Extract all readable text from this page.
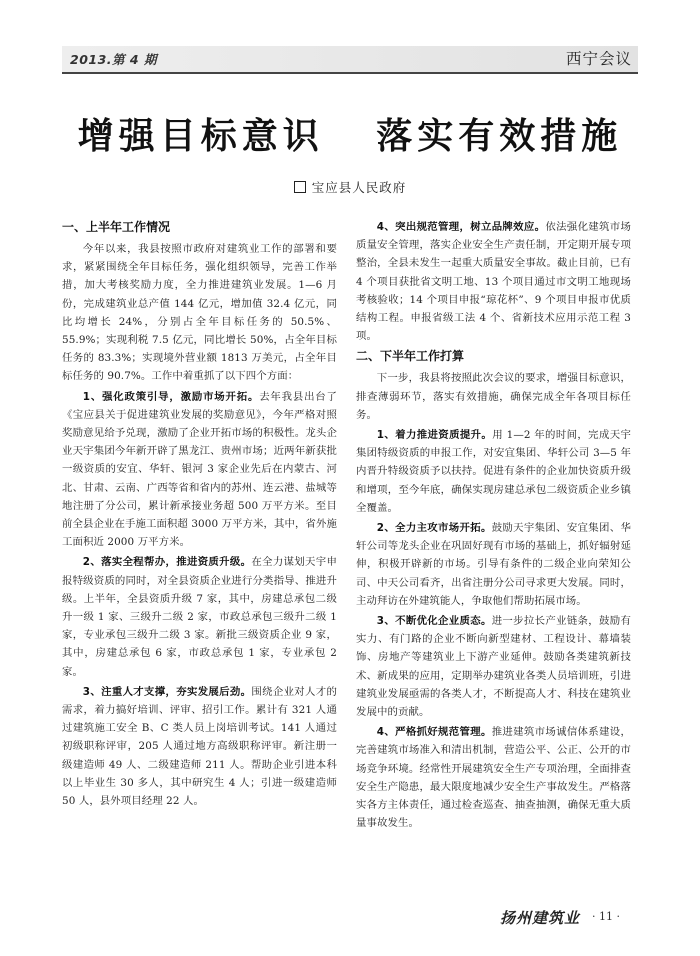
2013.第 4 期	西宁会议
增强目标意识   落实有效措施
宝应县人民政府
一、上半年工作情况

今年以来，我县按照市政府对建筑业工作的部署和要求，紧紧围绕全年目标任务，强化组织领导，完善工作举措，加大考核奖励力度，全力推进建筑业发展。1—6 月份，完成建筑业总产值 144 亿元，增加值 32.4 亿元，同比均增长 24%，分别占全年目标任务的 50.5%、55.9%；实现利税 7.5 亿元，同比增长 50%，占全年目标任务的 83.3%；实现境外营业额 1813 万美元，占全年目标任务的 90.7%。工作中着重抓了以下四个方面：

1、强化政策引导，激励市场开拓。去年我县出台了《宝应县关于促进建筑业发展的奖励意见》，今年严格对照奖励意见给予兑现，激励了企业开拓市场的积极性。龙头企业天宇集团今年新开辟了黑龙江、贵州市场；近两年新获批一级资质的安宜、华轩、银河 3 家企业先后在内蒙古、河北、甘肃、云南、广西等省和省内的苏州、连云港、盐城等地注册了分公司，累计新承接业务超 500 万平方米。至目前全县企业在手施工面积超 3000 万平方米，其中，省外施工面积近 2000 万平方米。

2、落实全程帮办，推进资质升级。在全力谋划天宇申报特级资质的同时，对全县资质企业进行分类指导、推进升级。上半年，全县资质升级 7 家，其中，房建总承包二级升一级 1 家、三级升二级 2 家，市政总承包三级升二级 1 家，专业承包三级升二级 3 家。新批三级资质企业 9 家，其中，房建总承包 6 家，市政总承包 1 家，专业承包 2 家。

3、注重人才支撑，夯实发展后劲。围绕企业对人才的需求，着力搞好培训、评审、招引工作。累计有 321 人通过建筑施工安全 B、C 类人员上岗培训考试。141 人通过初级职称评审，205 人通过地方高级职称评审。新注册一级建造师 49 人、二级建造师 211 人。帮助企业引进本科以上毕业生 30 多人，其中研究生 4 人；引进一级建造师 50 人，县外项目经理 22 人。

4、突出规范管理，树立品牌效应。依法强化建筑市场质量安全管理，落实企业安全生产责任制，开定期开展专项整治，全县未发生一起重大质量安全事故。截止目前，已有 4 个项目获批省文明工地、13 个项目通过市文明工地现场考核验收；14 个项目申报“琼花杯”、9 个项目申报市优质结构工程。申报省级工法 4 个、省新技术应用示范工程 3 项。

二、下半年工作打算

下一步，我县将按照此次会议的要求，增强目标意识，排查薄弱环节，落实有效措施，确保完成全年各项目标任务。

1、着力推进资质提升。用 1—2 年的时间，完成天宇集团特级资质的申报工作，对安宜集团、华轩公司 3—5 年内晋升特级资质予以扶持。促进有条件的企业加快资质升级和增项，至今年底，确保实现房建总承包二级资质企业乡镇全覆盖。

2、全力主攻市场开拓。鼓励天宇集团、安宜集团、华轩公司等龙头企业在巩固好现有市场的基础上，抓好辐射延伸，积极开辟新的市场。引导有条件的二级企业向荣知公司、中天公司看齐，出省注册分公司寻求更大发展。同时，主动拜访在外建筑能人，争取他们帮助拓展市场。

3、不断优化企业质态。进一步拉长产业链条，鼓励有实力、有门路的企业不断向新型建材、工程设计、幕墙装饰、房地产等建筑业上下游产业延伸。鼓励各类建筑新技术、新成果的应用，定期举办建筑业各类人员培训班，引进建筑业发展亟需的各类人才，不断提高人才、科技在建筑业发展中的贡献。

4、严格抓好规范管理。推进建筑市场诚信体系建设，完善建筑市场准入和清出机制，营造公平、公正、公开的市场竞争环境。经常性开展建筑安全生产专项治理，全面排查安全生产隐患，最大限度地减少安全生产事故发生。严格落实各方主体责任，通过检查巡查、抽查抽测，确保无重大质量事故发生。

扬州建筑业 · 11 ·
